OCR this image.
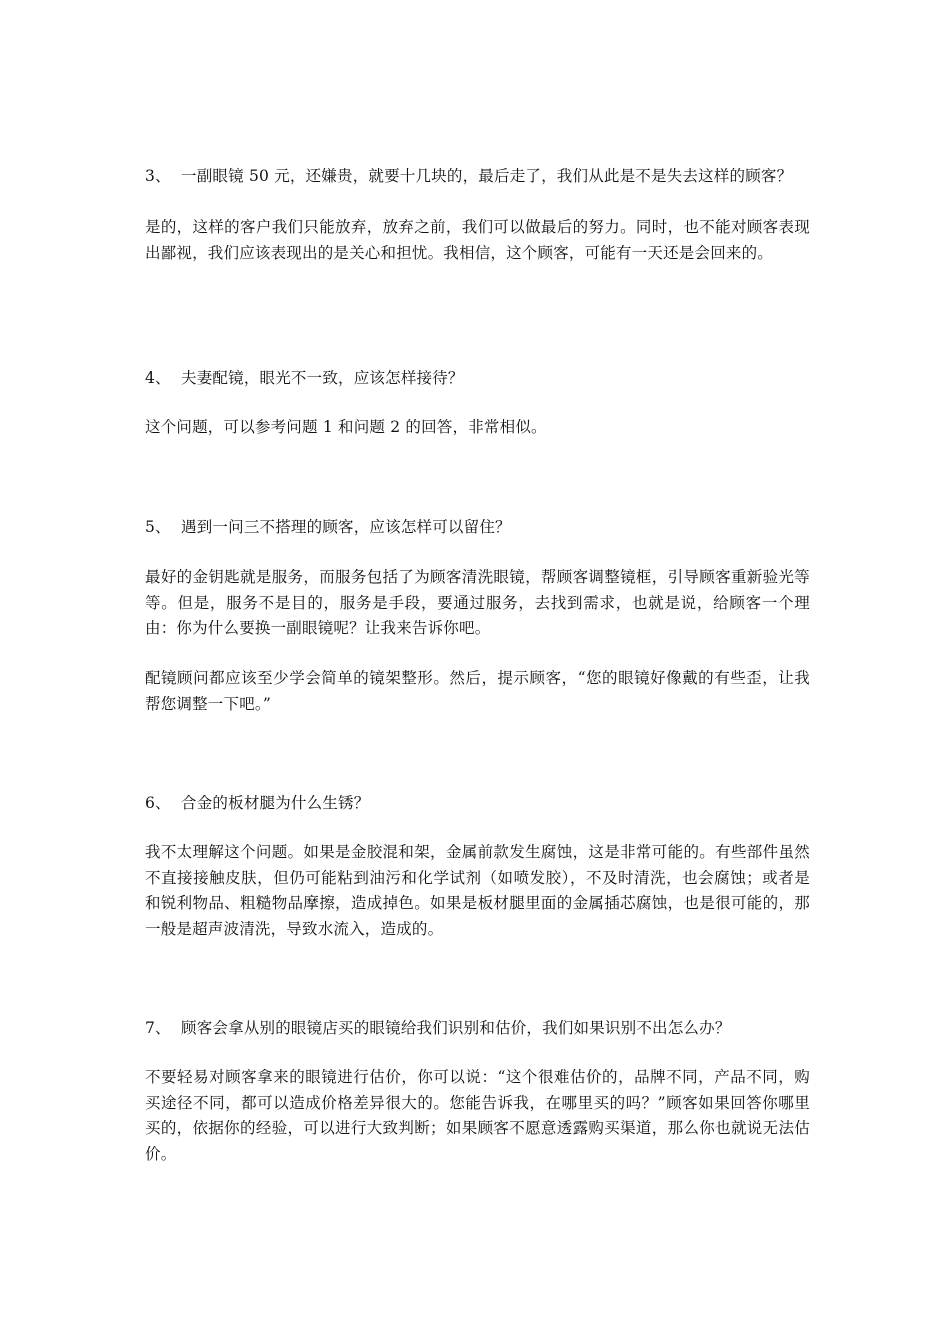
3、  一副眼镜 50 元，还嫌贵，就要十几块的，最后走了，我们从此是不是失去这样的顾客？

是的，这样的客户我们只能放弃，放弃之前，我们可以做最后的努力。同时，也不能对顾客表现出鄙视，我们应该表现出的是关心和担忧。我相信，这个顾客，可能有一天还是会回来的。

4、  夫妻配镜，眼光不一致，应该怎样接待？

这个问题，可以参考问题 1 和问题 2 的回答，非常相似。

5、  遇到一问三不搭理的顾客，应该怎样可以留住？

最好的金钥匙就是服务，而服务包括了为顾客清洗眼镜，帮顾客调整镜框，引导顾客重新验光等等。但是，服务不是目的，服务是手段，要通过服务，去找到需求，也就是说，给顾客一个理由：你为什么要换一副眼镜呢？让我来告诉你吧。

配镜顾问都应该至少学会简单的镜架整形。然后，提示顾客，“您的眼镜好像戴的有些歪，让我帮您调整一下吧。”

6、  合金的板材腿为什么生锈？

我不太理解这个问题。如果是金胶混和架，金属前款发生腐蚀，这是非常可能的。有些部件虽然不直接接触皮肤，但仍可能粘到油污和化学试剂（如喷发胶），不及时清洗，也会腐蚀；或者是和锐利物品、粗糙物品摩擦，造成掉色。如果是板材腿里面的金属插芯腐蚀，也是很可能的，那一般是超声波清洗，导致水流入，造成的。

7、  顾客会拿从别的眼镜店买的眼镜给我们识别和估价，我们如果识别不出怎么办？

不要轻易对顾客拿来的眼镜进行估价，你可以说：“这个很难估价的，品牌不同，产品不同，购买途径不同，都可以造成价格差异很大的。您能告诉我，在哪里买的吗？”顾客如果回答你哪里买的，依据你的经验，可以进行大致判断；如果顾客不愿意透露购买渠道，那么你也就说无法估价。
